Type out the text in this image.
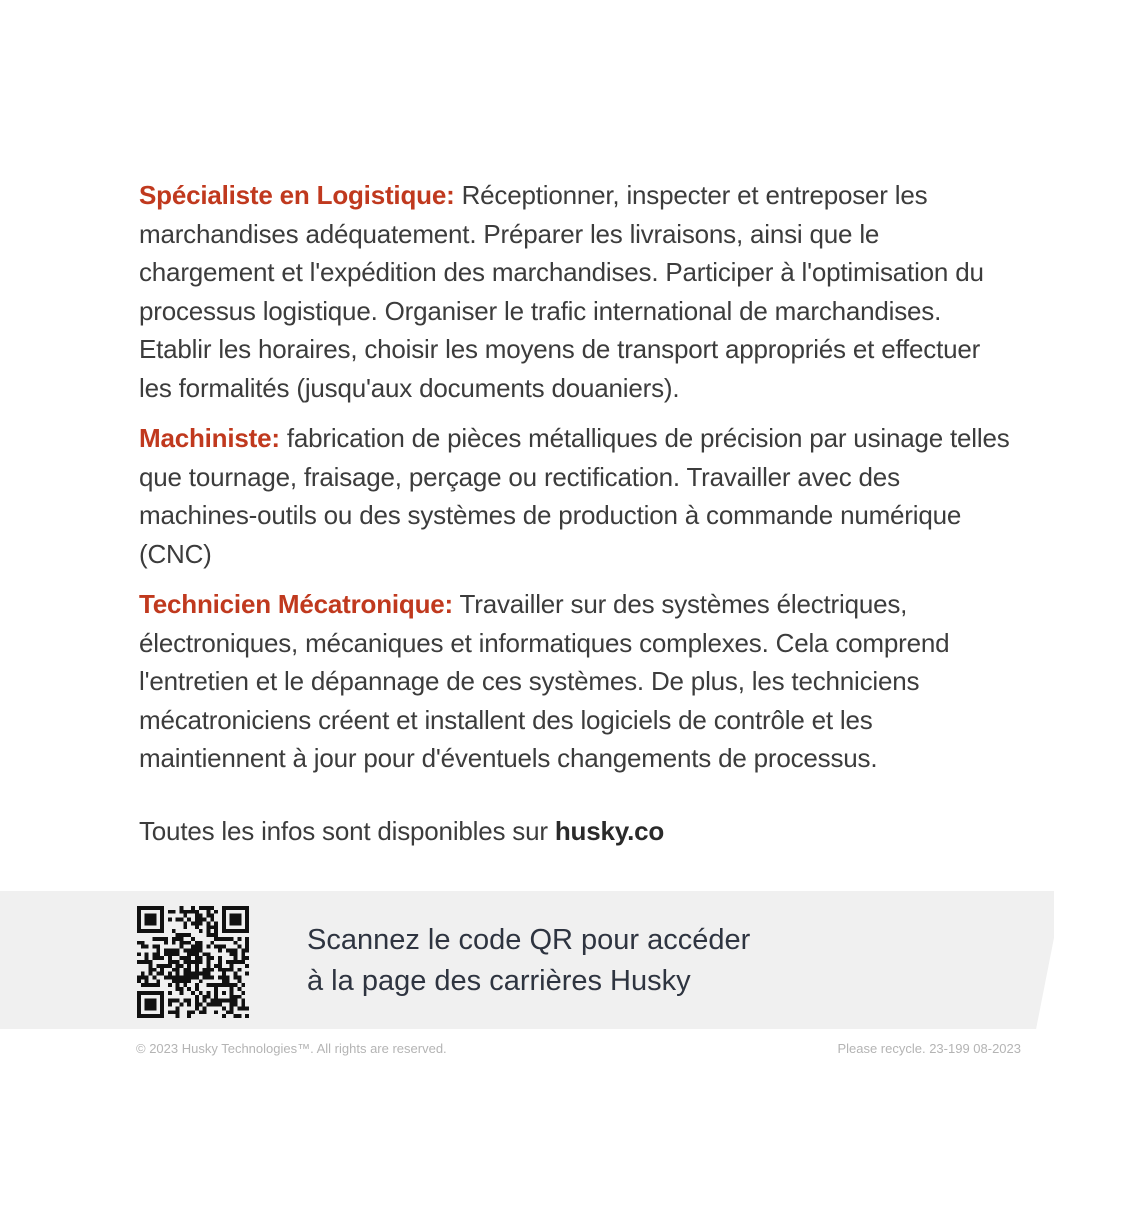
Spécialiste en Logistique: Réceptionner, inspecter et entreposer les marchandises adéquatement. Préparer les livraisons, ainsi que le chargement et l'expédition des marchandises. Participer à l'optimisation du processus logistique. Organiser le trafic international de marchandises. Etablir les horaires, choisir les moyens de transport appropriés et effectuer les formalités (jusqu'aux documents douaniers).

Machiniste: fabrication de pièces métalliques de précision par usinage telles que tournage, fraisage, perçage ou rectification. Travailler avec des machines-outils ou des systèmes de production à commande numérique (CNC)

Technicien Mécatronique: Travailler sur des systèmes électriques, électroniques, mécaniques et informatiques complexes. Cela comprend l'entretien et le dépannage de ces systèmes. De plus, les techniciens mécatroniciens créent et installent des logiciels de contrôle et les maintiennent à jour pour d'éventuels changements de processus.

Toutes les infos sont disponibles sur husky.co
Scannez le code QR pour accéder
à la page des carrières Husky
© 2023 Husky Technologies™. All rights are reserved.	Please recycle. 23-199 08-2023
